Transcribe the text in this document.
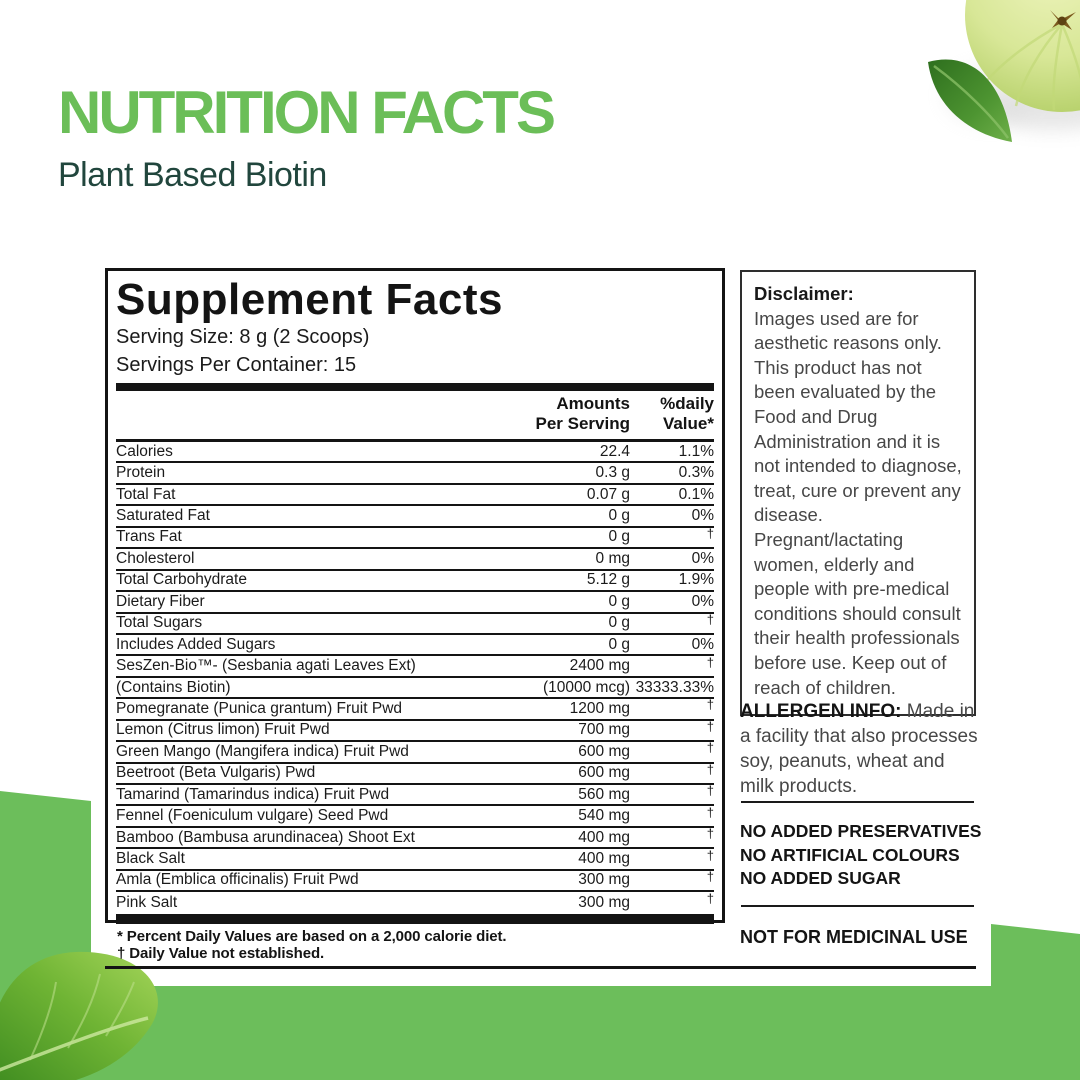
NUTRITION FACTS
Plant Based Biotin
Supplement Facts
Serving Size: 8 g (2 Scoops)
Servings Per Container: 15
Amounts
Per Serving
%daily
Value*
Calories	22.4	1.1%
Protein	0.3 g	0.3%
Total Fat	0.07 g	0.1%
Saturated Fat	0 g	0%
Trans Fat	0 g	†
Cholesterol	0 mg	0%
Total Carbohydrate	5.12 g	1.9%
Dietary Fiber	0 g	0%
Total Sugars	0 g	†
Includes Added Sugars	0 g	0%
SesZen-Bio™- (Sesbania agati Leaves Ext)	2400 mg	†
(Contains Biotin)	(10000 mcg) 33333.33%
Pomegranate (Punica grantum) Fruit Pwd	1200 mg	†
Lemon (Citrus limon) Fruit Pwd	700 mg	†
Green Mango (Mangifera indica) Fruit Pwd	600 mg	†
Beetroot (Beta Vulgaris) Pwd	600 mg	†
Tamarind (Tamarindus indica) Fruit Pwd	560 mg	†
Fennel (Foeniculum vulgare) Seed Pwd	540 mg	†
Bamboo (Bambusa arundinacea) Shoot Ext	400 mg	†
Black Salt	400 mg	†
Amla (Emblica officinalis) Fruit Pwd	300 mg	†
Pink Salt	300 mg	†
* Percent Daily Values are based on a 2,000 calorie diet.
† Daily Value not established.
Disclaimer:
Images used are for aesthetic reasons only. This product has not been evaluated by the Food and Drug Administration and it is not intended to diagnose, treat, cure or prevent any disease. Pregnant/lactating women, elderly and people with pre-medical conditions should consult their health professionals before use. Keep out of reach of children.

ALLERGEN INFO: Made in a facility that also processes soy, peanuts, wheat and milk products.

NO ADDED PRESERVATIVES
NO ARTIFICIAL COLOURS
NO ADDED SUGAR
NOT FOR MEDICINAL USE
